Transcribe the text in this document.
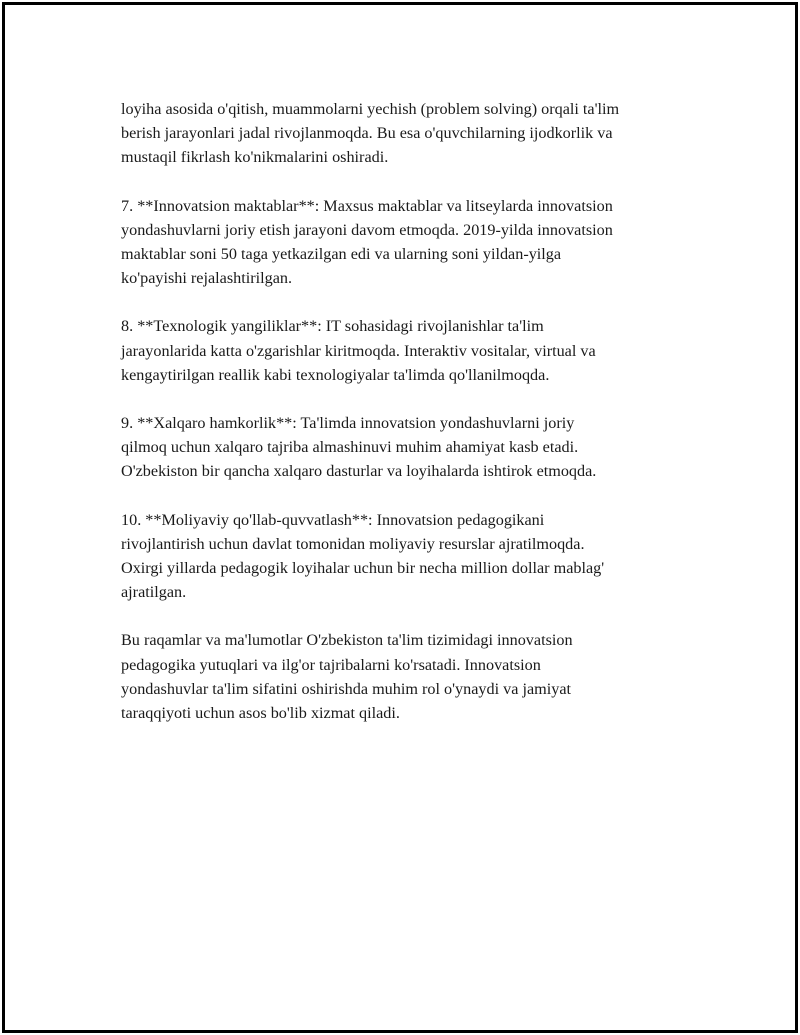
loyiha asosida o'qitish, muammolarni yechish (problem solving) orqali ta'lim
berish jarayonlari jadal rivojlanmoqda. Bu esa o'quvchilarning ijodkorlik va
mustaqil fikrlash ko'nikmalarini oshiradi.

7. **Innovatsion maktablar**: Maxsus maktablar va litseylarda innovatsion
yondashuvlarni joriy etish jarayoni davom etmoqda. 2019-yilda innovatsion
maktablar soni 50 taga yetkazilgan edi va ularning soni yildan-yilga
ko'payishi rejalashtirilgan.

8. **Texnologik yangiliklar**: IT sohasidagi rivojlanishlar ta'lim
jarayonlarida katta o'zgarishlar kiritmoqda. Interaktiv vositalar, virtual va
kengaytirilgan reallik kabi texnologiyalar ta'limda qo'llanilmoqda.

9. **Xalqaro hamkorlik**: Ta'limda innovatsion yondashuvlarni joriy
qilmoq uchun xalqaro tajriba almashinuvi muhim ahamiyat kasb etadi.
O'zbekiston bir qancha xalqaro dasturlar va loyihalarda ishtirok etmoqda.

10. **Moliyaviy qo'llab-quvvatlash**: Innovatsion pedagogikani
rivojlantirish uchun davlat tomonidan moliyaviy resurslar ajratilmoqda.
Oxirgi yillarda pedagogik loyihalar uchun bir necha million dollar mablag'
ajratilgan.

Bu raqamlar va ma'lumotlar O'zbekiston ta'lim tizimidagi innovatsion
pedagogika yutuqlari va ilg'or tajribalarni ko'rsatadi. Innovatsion
yondashuvlar ta'lim sifatini oshirishda muhim rol o'ynaydi va jamiyat
taraqqiyoti uchun asos bo'lib xizmat qiladi.
